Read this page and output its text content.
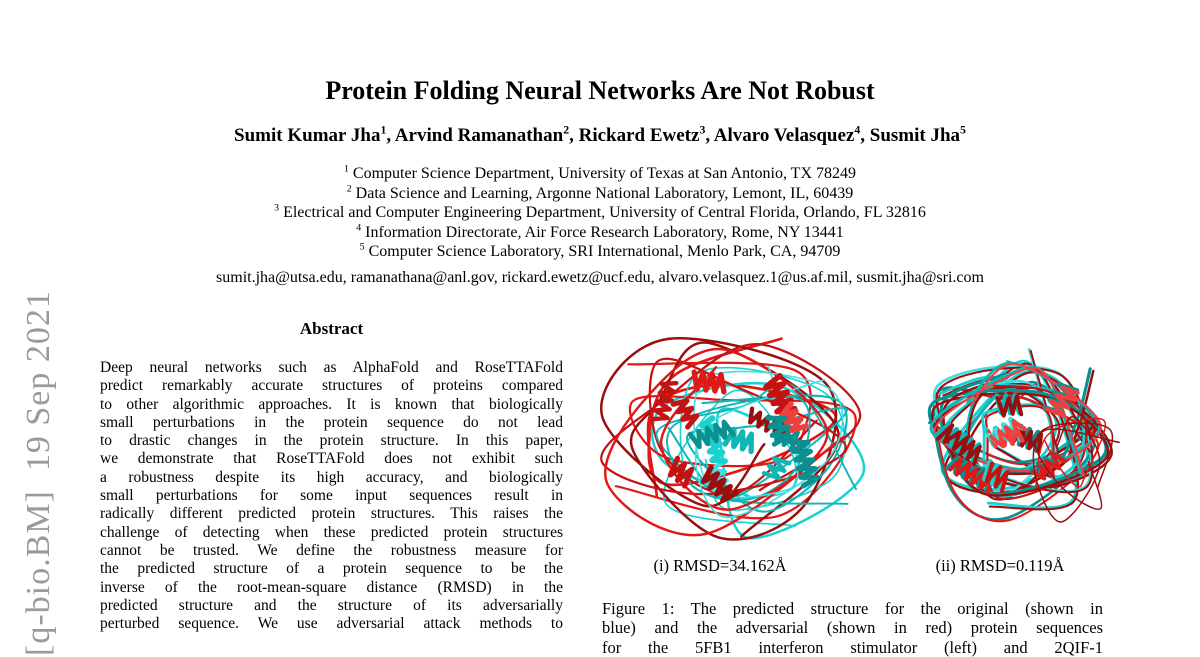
[q-bio.BM]  19 Sep 2021
Protein Folding Neural Networks Are Not Robust
Sumit Kumar Jha$^1$, Arvind Ramanathan$^2$, Rickard Ewetz$^3$, Alvaro Velasquez$^4$, Susmit Jha$^5$
$^1$ Computer Science Department, University of Texas at San Antonio, TX 78249
$^2$ Data Science and Learning, Argonne National Laboratory, Lemont, IL, 60439
$^3$ Electrical and Computer Engineering Department, University of Central Florida, Orlando, FL 32816
$^4$ Information Directorate, Air Force Research Laboratory, Rome, NY 13441
$^5$ Computer Science Laboratory, SRI International, Menlo Park, CA, 94709
sumit.jha@utsa.edu, ramanathana@anl.gov, rickard.ewetz@ucf.edu, alvaro.velasquez.1@us.af.mil, susmit.jha@sri.com
Abstract
Deep neural networks such as AlphaFold and RoseTTAFold
predict remarkably accurate structures of proteins compared
to other algorithmic approaches. It is known that biologically
small perturbations in the protein sequence do not lead
to drastic changes in the protein structure. In this paper,
we demonstrate that RoseTTAFold does not exhibit such
a robustness despite its high accuracy, and biologically
small perturbations for some input sequences result in
radically different predicted protein structures. This raises the
challenge of detecting when these predicted protein structures
cannot be trusted. We define the robustness measure for
the predicted structure of a protein sequence to be the
inverse of the root-mean-square distance (RMSD) in the
predicted structure and the structure of its adversarially
perturbed sequence. We use adversarial attack methods to
(i) RMSD=34.162Å	(ii) RMSD=0.119Å
Figure 1: The predicted structure for the original (shown in
blue) and the adversarial (shown in red) protein sequences
for the 5FB1 interferon stimulator (left) and 2QIF-1
